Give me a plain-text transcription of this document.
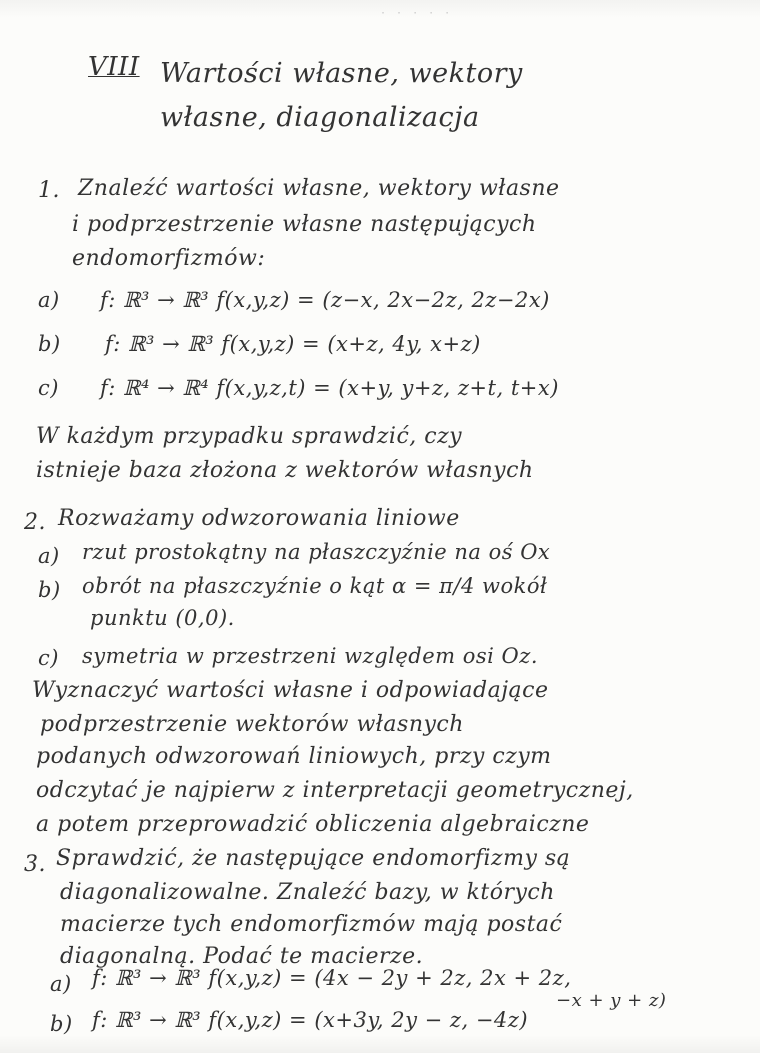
· · · · ·
VIII Wartości własne, wektory własne, diagonalizacja
1. Znaleźć wartości własne, wektory własne
i podprzestrzenie własne następujących
endomorfizmów:
a) f: ℝ³ → ℝ³ f(x,y,z) = (z−x, 2x−2z, 2z−2x)
b) f: ℝ³ → ℝ³ f(x,y,z) = (x+z, 4y, x+z)
c) f: ℝ⁴ → ℝ⁴ f(x,y,z,t) = (x+y, y+z, z+t, t+x)
W każdym przypadku sprawdzić, czy
istnieje baza złożona z wektorów własnych
2. Rozważamy odwzorowania liniowe
a) rzut prostokątny na płaszczyźnie na oś Ox
b) obrót na płaszczyźnie o kąt α = π/4 wokół
punktu (0,0).
c) symetria w przestrzeni względem osi Oz.
Wyznaczyć wartości własne i odpowiadające
podprzestrzenie wektorów własnych
podanych odwzorowań liniowych, przy czym
odczytać je najpierw z interpretacji geometrycznej,
a potem przeprowadzić obliczenia algebraiczne
3. Sprawdzić, że następujące endomorfizmy są
diagonalizowalne. Znaleźć bazy, w których
macierze tych endomorfizmów mają postać
diagonalną. Podać te macierze.
a) f: ℝ³ → ℝ³ f(x,y,z) = (4x − 2y + 2z, 2x + 2z,
−x + y + z)
b) f: ℝ³ → ℝ³ f(x,y,z) = (x+3y, 2y − z, −4z)
